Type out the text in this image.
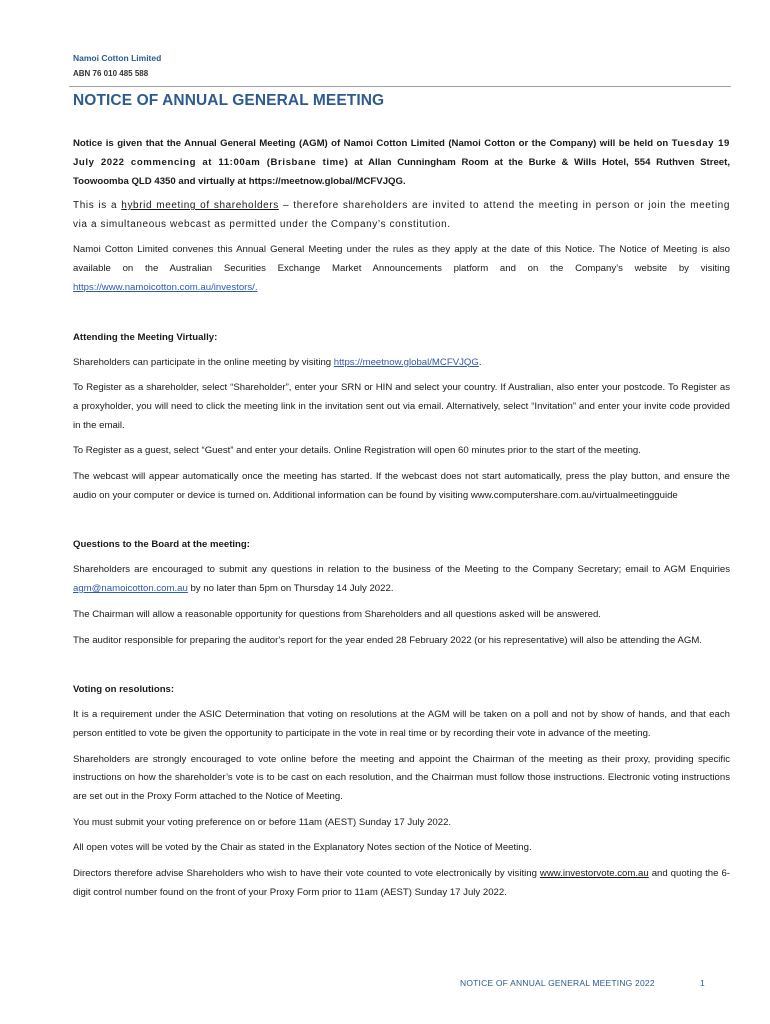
Namoi Cotton Limited
ABN 76 010 485 588
NOTICE OF ANNUAL GENERAL MEETING

Notice is given that the Annual General Meeting (AGM) of Namoi Cotton Limited (Namoi Cotton or the Company) will be held on Tuesday 19 July 2022 commencing at 11:00am (Brisbane time) at Allan Cunningham Room at the Burke & Wills Hotel, 554 Ruthven Street, Toowoomba QLD 4350 and virtually at https://meetnow.global/MCFVJQG.

This is a hybrid meeting of shareholders – therefore shareholders are invited to attend the meeting in person or join the meeting via a simultaneous webcast as permitted under the Company’s constitution.

Namoi Cotton Limited convenes this Annual General Meeting under the rules as they apply at the date of this Notice. The Notice of Meeting is also available on the Australian Securities Exchange Market Announcements platform and on the Company’s website by visiting https://www.namoicotton.com.au/investors/.

Attending the Meeting Virtually:

Shareholders can participate in the online meeting by visiting https://meetnow.global/MCFVJQG.

To Register as a shareholder, select “Shareholder”, enter your SRN or HIN and select your country. If Australian, also enter your postcode. To Register as a proxyholder, you will need to click the meeting link in the invitation sent out via email. Alternatively, select “Invitation” and enter your invite code provided in the email.

To Register as a guest, select “Guest” and enter your details. Online Registration will open 60 minutes prior to the start of the meeting.

The webcast will appear automatically once the meeting has started. If the webcast does not start automatically, press the play button, and ensure the audio on your computer or device is turned on. Additional information can be found by visiting www.computershare.com.au/virtualmeetingguide

Questions to the Board at the meeting:

Shareholders are encouraged to submit any questions in relation to the business of the Meeting to the Company Secretary; email to AGM Enquiries agm@namoicotton.com.au by no later than 5pm on Thursday 14 July 2022.

The Chairman will allow a reasonable opportunity for questions from Shareholders and all questions asked will be answered.

The auditor responsible for preparing the auditor's report for the year ended 28 February 2022 (or his representative) will also be attending the AGM.

Voting on resolutions:

It is a requirement under the ASIC Determination that voting on resolutions at the AGM will be taken on a poll and not by show of hands, and that each person entitled to vote be given the opportunity to participate in the vote in real time or by recording their vote in advance of the meeting.

Shareholders are strongly encouraged to vote online before the meeting and appoint the Chairman of the meeting as their proxy, providing specific instructions on how the shareholder’s vote is to be cast on each resolution, and the Chairman must follow those instructions. Electronic voting instructions are set out in the Proxy Form attached to the Notice of Meeting.

You must submit your voting preference on or before 11am (AEST) Sunday 17 July 2022.

All open votes will be voted by the Chair as stated in the Explanatory Notes section of the Notice of Meeting.

Directors therefore advise Shareholders who wish to have their vote counted to vote electronically by visiting www.investorvote.com.au and quoting the 6-digit control number found on the front of your Proxy Form prior to 11am (AEST) Sunday 17 July 2022.

NOTICE OF ANNUAL GENERAL MEETING 2022	1
